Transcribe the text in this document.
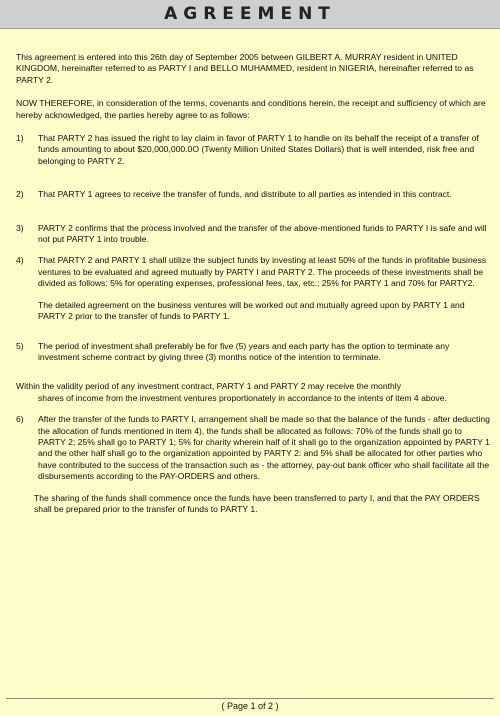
AGREEMENT

This agreement is entered into this 26th day of September 2005 between GILBERT A. MURRAY resident in UNITED KINGDOM, hereinafter referred to as PARTY I and BELLO MUHAMMED, resident in NIGERIA, hereinafter referred to as PARTY 2.

NOW THEREFORE, in consideration of the terms, covenants and conditions herein, the receipt and sufficiency of which are hereby acknowledged, the parties hereby agree to as follows:

1)	That PARTY 2 has issued the right to lay claim in favor of PARTY 1 to handle on its behalf the receipt of a transfer of funds amounting to about $20,000,000.0O (Twenty Million United States Dollars) that is well intended, risk free and belonging to PARTY 2.
2)	That PARTY 1 agrees to receive the transfer of funds, and distribute to all parties as intended in this contract.
3)	PARTY 2 confirms that the process involved and the transfer of the above-mentioned funds to PARTY I is safe and will not put PARTY 1 into trouble.
4)	That PARTY 2 and PARTY 1 shall utilize the subject funds by investing at least 50% of the funds in profitable business ventures to be evaluated and agreed mutually by PARTY I and PARTY 2. The proceeds of these investments shall be divided as follows: 5% for operating expenses, professional fees, tax, etc.; 25% for PARTY 1 and 70% for PARTY2.

The detailed agreement on the business ventures will be worked out and mutually agreed upon by PARTY 1 and PARTY 2 prior to the transfer of funds to PARTY 1.

5)	The period of investment shall preferably be for five (5) years and each party has the option to terminate any investment scheme contract by giving three (3) months notice of the intention to terminate.

Within the validity period of any investment contract, PARTY 1 and PARTY 2 may receive the monthly

shares of income from the investment ventures proportionately in accordance to the intents of item 4 above.

6)	After the transfer of the funds to PARTY I, arrangement shall be made so that the balance of the funds - after deducting the allocation of funds mentioned in item 4), the funds shall be allocated as follows: 70% of the funds shall go to PARTY 2; 25% shall go to PARTY 1; 5% for charity wherein half of it shall go to the organization appointed by PARTY 1 and the other half shall go to the organization appointed by PARTY 2: and 5% shall be allocated for other parties who have contributed to the success of the transaction such as - the attorney, pay-out bank officer who shall facilitate all the disbursements according to the PAY-ORDERS and others.

The sharing of the funds shall commence once the funds have been transferred to party I, and that the PAY ORDERS shall be prepared prior to the transfer of funds to PARTY 1.

( Page 1 of 2 )
